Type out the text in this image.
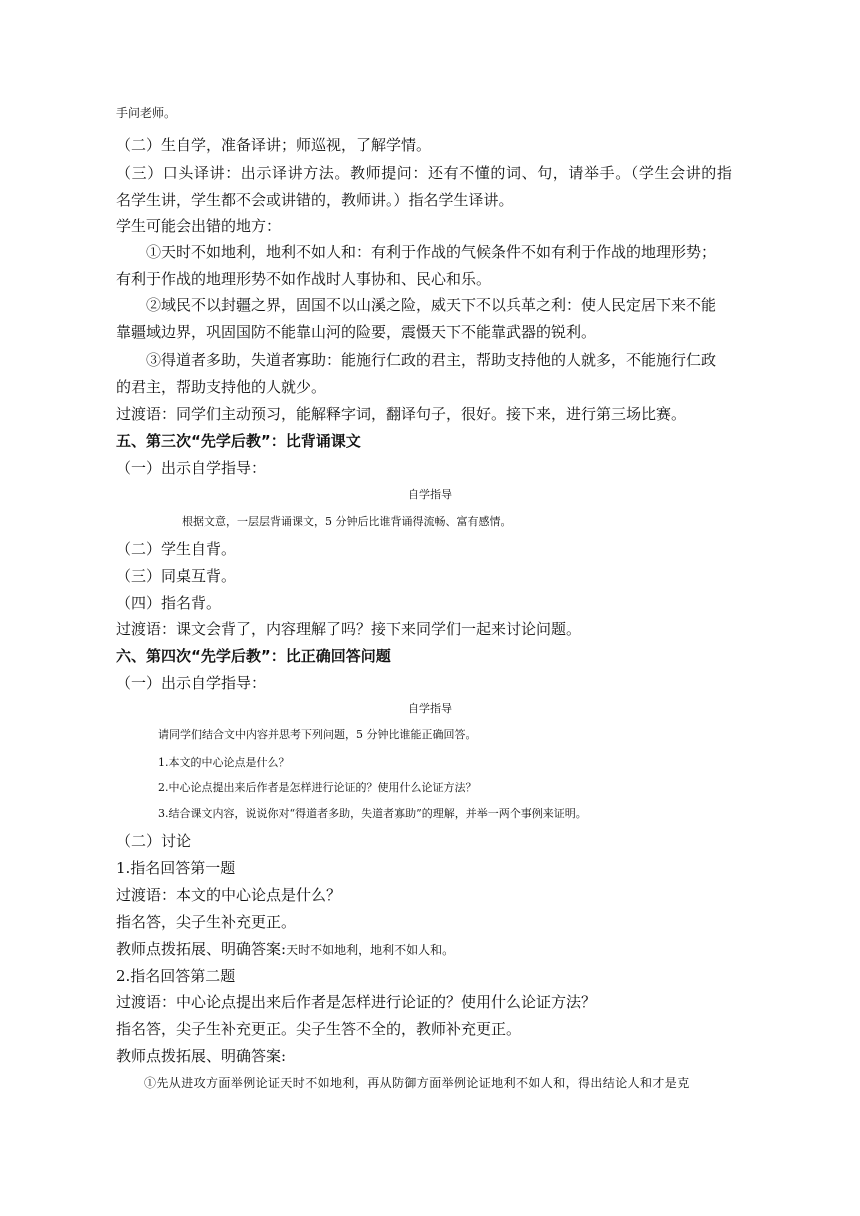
手问老师。
（二）生自学，准备译讲；师巡视，了解学情。
（三）口头译讲：出示译讲方法。教师提问：还有不懂的词、句，请举手。（学生会讲的指
名学生讲，学生都不会或讲错的，教师讲。）指名学生译讲。
学生可能会出错的地方：
①天时不如地利，地利不如人和：有利于作战的气候条件不如有利于作战的地理形势；
有利于作战的地理形势不如作战时人事协和、民心和乐。
②域民不以封疆之界，固国不以山溪之险，威天下不以兵革之利：使人民定居下来不能
靠疆域边界，巩固国防不能靠山河的险要，震慑天下不能靠武器的锐利。
③得道者多助，失道者寡助：能施行仁政的君主，帮助支持他的人就多，不能施行仁政
的君主，帮助支持他的人就少。
过渡语：同学们主动预习，能解释字词，翻译句子，很好。接下来，进行第三场比赛。
五、第三次“先学后教”：比背诵课文
（一）出示自学指导：
自学指导
根据文意，一层层背诵课文，5 分钟后比谁背诵得流畅、富有感情。
（二）学生自背。
（三）同桌互背。
（四）指名背。
过渡语：课文会背了，内容理解了吗？接下来同学们一起来讨论问题。
六、第四次“先学后教”：比正确回答问题
（一）出示自学指导：
自学指导
请同学们结合文中内容并思考下列问题，5 分钟比谁能正确回答。
1.本文的中心论点是什么？
2.中心论点提出来后作者是怎样进行论证的？使用什么论证方法？
3.结合课文内容，说说你对“得道者多助，失道者寡助”的理解，并举一两个事例来证明。
（二）讨论
1.指名回答第一题
过渡语：本文的中心论点是什么？
指名答，尖子生补充更正。
教师点拨拓展、明确答案:天时不如地利，地利不如人和。
2.指名回答第二题
过渡语：中心论点提出来后作者是怎样进行论证的？使用什么论证方法？
指名答，尖子生补充更正。尖子生答不全的，教师补充更正。
教师点拨拓展、明确答案:
①先从进攻方面举例论证天时不如地利，再从防御方面举例论证地利不如人和，得出结论人和才是克
